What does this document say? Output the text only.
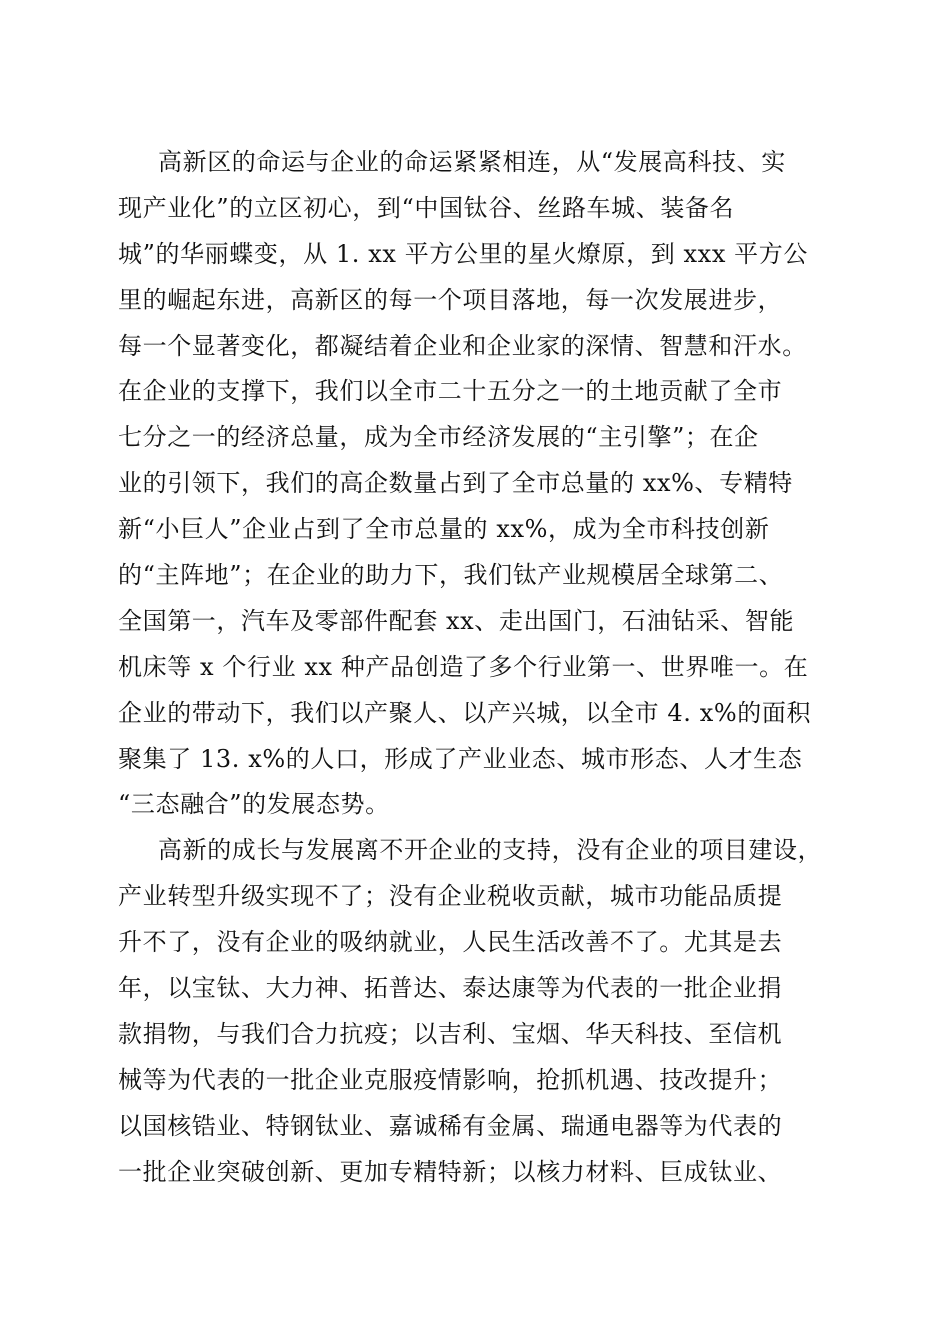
高新区的命运与企业的命运紧紧相连，从“发展高科技、实
现产业化”的立区初心，到“中国钛谷、丝路车城、装备名
城”的华丽蝶变，从 1. xx 平方公里的星火燎原，到 xxx 平方公
里的崛起东进，高新区的每一个项目落地，每一次发展进步，
每一个显著变化，都凝结着企业和企业家的深情、智慧和汗水。
在企业的支撑下，我们以全市二十五分之一的土地贡献了全市
七分之一的经济总量，成为全市经济发展的“主引擎”；在企
业的引领下，我们的高企数量占到了全市总量的 xx%、专精特
新“小巨人”企业占到了全市总量的 xx%，成为全市科技创新
的“主阵地”；在企业的助力下，我们钛产业规模居全球第二、
全国第一，汽车及零部件配套 xx、走出国门，石油钻采、智能
机床等 x 个行业 xx 种产品创造了多个行业第一、世界唯一。在
企业的带动下，我们以产聚人、以产兴城，以全市 4. x%的面积
聚集了 13. x%的人口，形成了产业业态、城市形态、人才生态
“三态融合”的发展态势。
高新的成长与发展离不开企业的支持，没有企业的项目建设，
产业转型升级实现不了；没有企业税收贡献，城市功能品质提
升不了，没有企业的吸纳就业，人民生活改善不了。尤其是去
年，以宝钛、大力神、拓普达、泰达康等为代表的一批企业捐
款捐物，与我们合力抗疫；以吉利、宝烟、华天科技、至信机
械等为代表的一批企业克服疫情影响，抢抓机遇、技改提升；
以国核锆业、特钢钛业、嘉诚稀有金属、瑞通电器等为代表的
一批企业突破创新、更加专精特新；以核力材料、巨成钛业、
